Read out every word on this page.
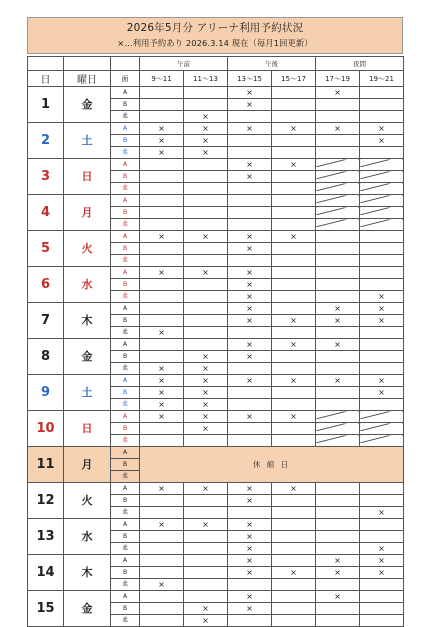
2026年5月分 アリーナ利用予約状況
×…利用予約あり 2026.3.14 現在（毎月1回更新）
			午前		午後		夜間	
日	曜日	面	9～11	11～13	13～15	15～17	17～19	19～21
1	金	A			×		×	
		B			×			
		柔		×				
2	土	A	×	×	×	×	×	×
		B	×	×				×
		柔	×	×				
3	日	A			×	×		
		B			×			
		柔						
4	月	A						
		B						
		柔						
5	火	A	×	×	×	×		
		B			×			
		柔						
6	水	A	×	×	×			
		B			×			
		柔			×			×
7	木	A			×		×	×
		B			×	×	×	×
		柔	×					
8	金	A			×	×	×	
		B		×	×			
		柔	×	×				
9	土	A	×	×	×	×	×	×
		B	×	×				×
		柔	×	×				
10	日	A	×	×	×	×		
		B		×				
		柔						
11	月	A	休 館 日					
		B						
		柔						
12	火	A	×	×	×	×		
		B			×			
		柔						×
13	水	A	×	×	×			
		B			×			
		柔			×			×
14	木	A			×		×	×
		B			×	×	×	×
		柔	×					
15	金	A			×		×	
		B		×	×			
		柔		×				
